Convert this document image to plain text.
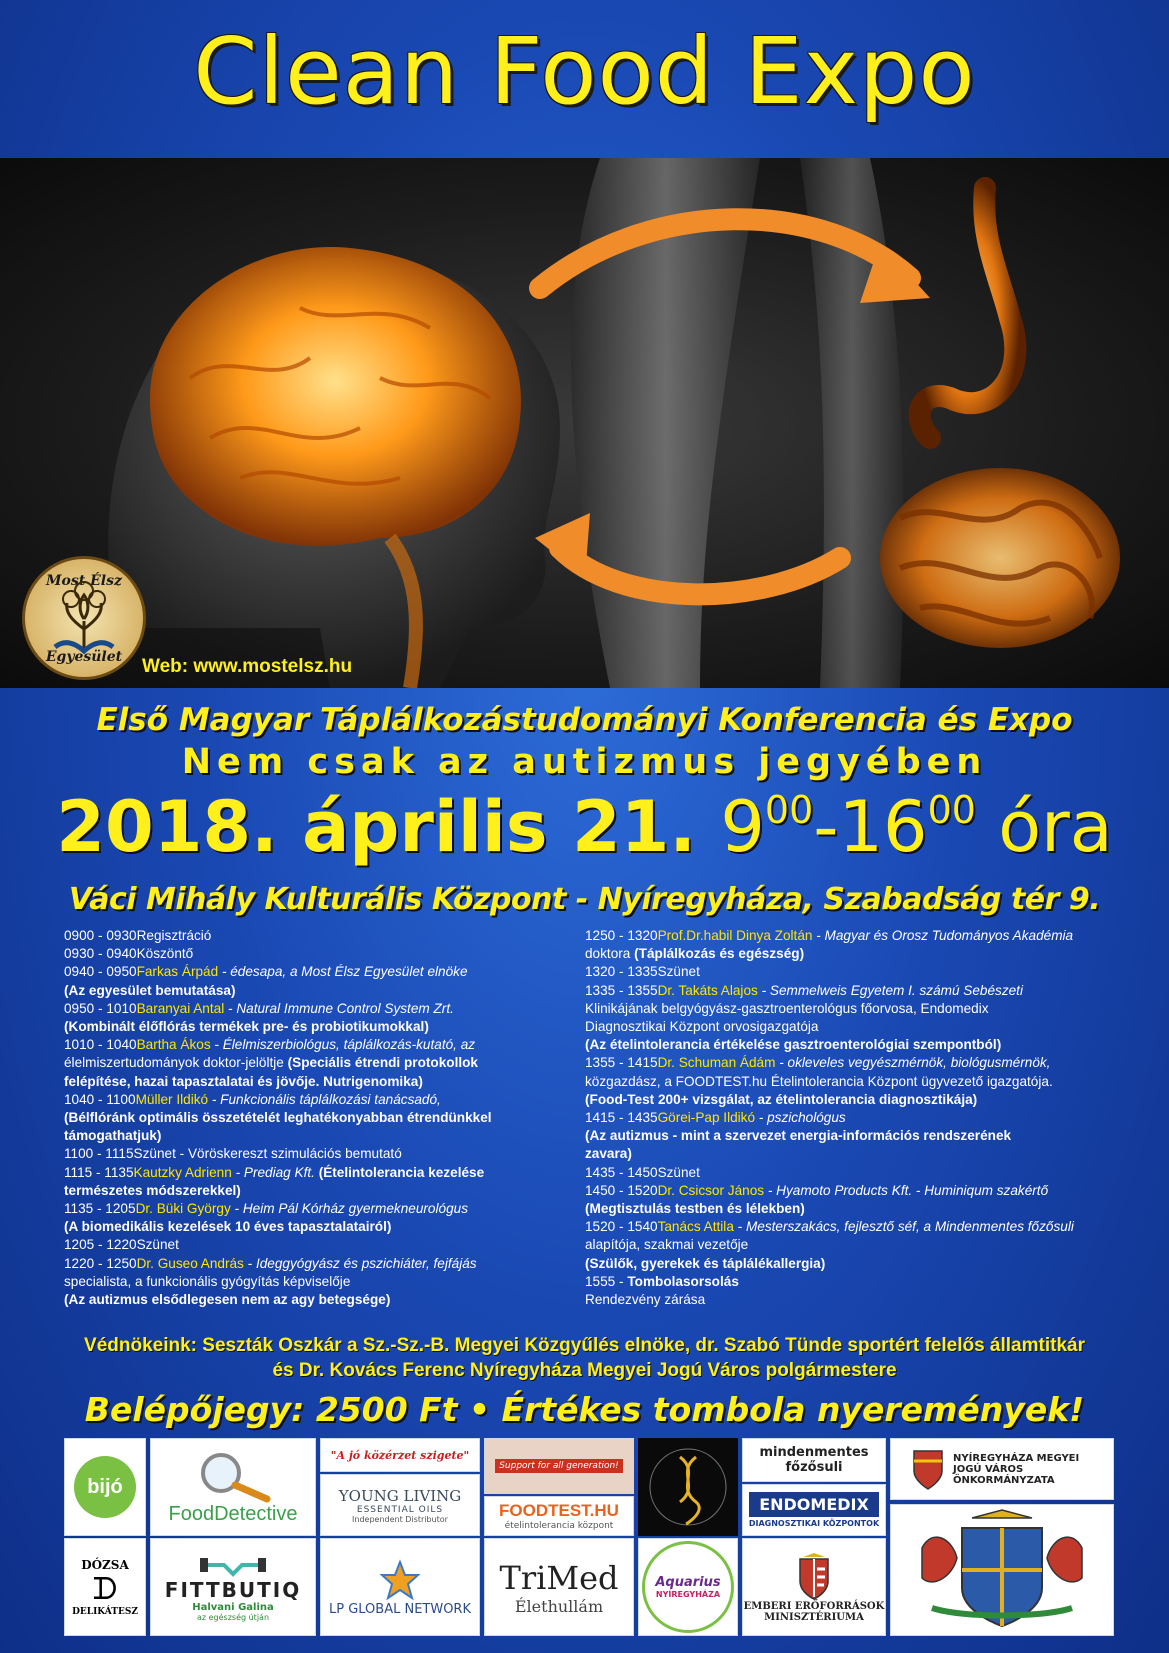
Clean Food Expo
Most Élsz
Egyesület	Web: www.mostelsz.hu
Első Magyar Táplálkozástudományi Konferencia és Expo
Nem csak az autizmus jegyében
2018. április 21. $9^{00}-16^{00}$ óra
Váci Mihály Kulturális Központ - Nyíregyháza, Szabadság tér 9.
0900 - 0930Regisztráció
0930 - 0940Köszöntő
0940 - 0950Farkas Árpád - édesapa, a Most Élsz Egyesület elnöke
(Az egyesület bemutatása)
0950 - 1010Baranyai Antal - Natural Immune Control System Zrt.
(Kombinált élőflórás termékek pre- és probiotikumokkal)
1010 - 1040Bartha Ákos - Élelmiszerbiológus, táplálkozás-kutató, az
élelmiszertudományok doktor-jelöltje (Speciális étrendi protokollok
felépítése, hazai tapasztalatai és jövője. Nutrigenomika)
1040 - 1100Müller Ildikó - Funkcionális táplálkozási tanácsadó,
(Bélflóránk optimális összetételét leghatékonyabban étrendünkkel
támogathatjuk)
1100 - 1115Szünet - Vöröskereszt szimulációs bemutató
1115 - 1135Kautzky Adrienn - Prediag Kft. (Ételintolerancia kezelése
természetes módszerekkel)
1135 - 1205Dr. Büki György - Heim Pál Kórház gyermekneurológus
(A biomedikális kezelések 10 éves tapasztalatairól)
1205 - 1220Szünet
1220 - 1250Dr. Guseo András - Ideggyógyász és pszichiáter, fejfájás
specialista, a funkcionális gyógyítás képviselője
(Az autizmus elsődlegesen nem az agy betegsége)
1250 - 1320Prof.Dr.habil Dinya Zoltán - Magyar és Orosz Tudományos Akadémia
doktora (Táplálkozás és egészség)
1320 - 1335Szünet
1335 - 1355Dr. Takáts Alajos - Semmelweis Egyetem I. számú Sebészeti
Klinikájának belgyógyász-gasztroenterológus főorvosa, Endomedix
Diagnosztikai Központ orvosigazgatója
(Az ételintolerancia értékelése gasztroenterológiai szempontból)
1355 - 1415Dr. Schuman Ádám - okleveles vegyészmérnök, biológusmérnök,
közgazdász, a FOODTEST.hu Ételintolerancia Központ ügyvezető igazgatója.
(Food-Test 200+ vizsgálat, az ételintolerancia diagnosztikája)
1415 - 1435Görei-Pap Ildikó - pszichológus
(Az autizmus - mint a szervezet energia-információs rendszerének
zavara)
1435 - 1450Szünet
1450 - 1520Dr. Csicsor János - Hyamoto Products Kft. - Huminiqum szakértő
(Megtisztulás testben és lélekben)
1520 - 1540Tanács Attila - Mesterszakács, fejlesztő séf, a Mindenmentes főzősuli
alapítója, szakmai vezetője
(Szülők, gyerekek és táplálékallergia)
1555 - Tombolasorsolás
Rendezvény zárása
Védnökeink: Seszták Oszkár a Sz.-Sz.-B. Megyei Közgyűlés elnöke, dr. Szabó Tünde sportért felelős államtitkár
és Dr. Kovács Ferenc Nyíregyháza Megyei Jogú Város polgármestere
Belépőjegy: 2500 Ft • Értékes tombola nyeremények!
bijó
FoodDetective
"A jó közérzet szigete"
YOUNG LIVING
ESSENTIAL OILS
Independent Distributor
Support for all generation!
FOODTEST.HU
ételintolerancia központ
mindenmentes
főzősuli
ENDOMEDIX
DIAGNOSZTIKAI KÖZPONTOK
NYÍREGYHÁZA MEGYEI JOGÚ VÁROS ÖNKORMÁNYZATA
DÓZSA
ᗪ
DELIKÁTESZ
FITTBUTIQ
Halvani Galina
az egészség útján
LP GLOBAL NETWORK
TriMed
Élethullám
Aquarius
NYÍREGYHÁZA
EMBERI ERŐFORRÁSOK MINISZTÉRIUMA
